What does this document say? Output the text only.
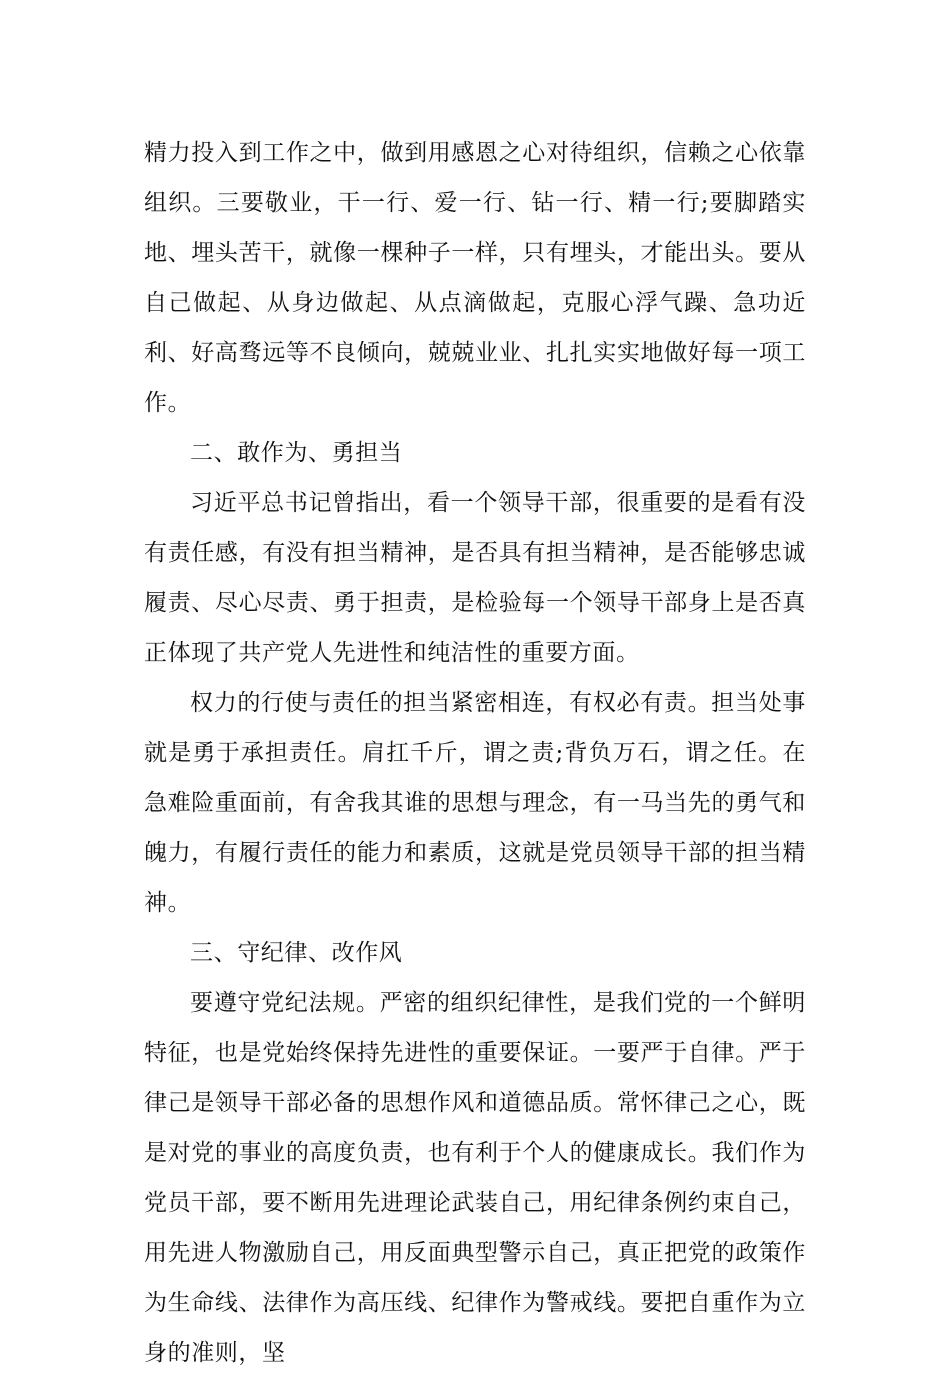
精力投入到工作之中，做到用感恩之心对待组织，信赖之心依靠组织。三要敬业，干一行、爱一行、钻一行、精一行;要脚踏实地、埋头苦干，就像一棵种子一样，只有埋头，才能出头。要从自己做起、从身边做起、从点滴做起，克服心浮气躁、急功近利、好高骛远等不良倾向，兢兢业业、扎扎实实地做好每一项工作。

二、敢作为、勇担当

习近平总书记曾指出，看一个领导干部，很重要的是看有没有责任感，有没有担当精神，是否具有担当精神，是否能够忠诚履责、尽心尽责、勇于担责，是检验每一个领导干部身上是否真正体现了共产党人先进性和纯洁性的重要方面。

权力的行使与责任的担当紧密相连，有权必有责。担当处事就是勇于承担责任。肩扛千斤，谓之责;背负万石，谓之任。在急难险重面前，有舍我其谁的思想与理念，有一马当先的勇气和魄力，有履行责任的能力和素质，这就是党员领导干部的担当精神。

三、守纪律、改作风

要遵守党纪法规。严密的组织纪律性，是我们党的一个鲜明特征，也是党始终保持先进性的重要保证。一要严于自律。严于律己是领导干部必备的思想作风和道德品质。常怀律己之心，既是对党的事业的高度负责，也有利于个人的健康成长。我们作为党员干部，要不断用先进理论武装自己，用纪律条例约束自己，用先进人物激励自己，用反面典型警示自己，真正把党的政策作为生命线、法律作为高压线、纪律作为警戒线。要把自重作为立身的准则，坚
